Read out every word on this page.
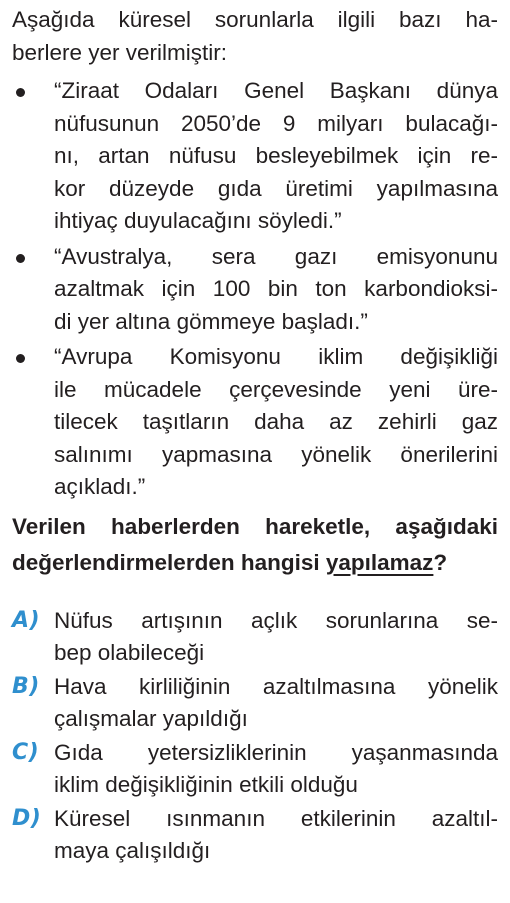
Aşağıda küresel sorunlarla ilgili bazı ha-
berlere yer verilmiştir:

“Ziraat Odaları Genel Başkanı dünya
nüfusunun 2050’de 9 milyarı bulacağı-
nı, artan nüfusu besleyebilmek için re-
kor düzeyde gıda üretimi yapılmasına
ihtiyaç duyulacağını söyledi.”
“Avustralya, sera gazı emisyonunu
azaltmak için 100 bin ton karbondioksi-
di yer altına gömmeye başladı.”
“Avrupa Komisyonu iklim değişikliği
ile mücadele çerçevesinde yeni üre-
tilecek taşıtların daha az zehirli gaz
salınımı yapmasına yönelik önerilerini
açıkladı.”

Verilen haberlerden hareketle, aşağıdaki
değerlendirmelerden hangisi yapılamaz?

A) Nüfus artışının açlık sorunlarına se-
bep olabileceği
B) Hava kirliliğinin azaltılmasına yönelik
çalışmalar yapıldığı
C) Gıda yetersizliklerinin yaşanmasında
iklim değişikliğinin etkili olduğu
D) Küresel ısınmanın etkilerinin azaltıl-
maya çalışıldığı
